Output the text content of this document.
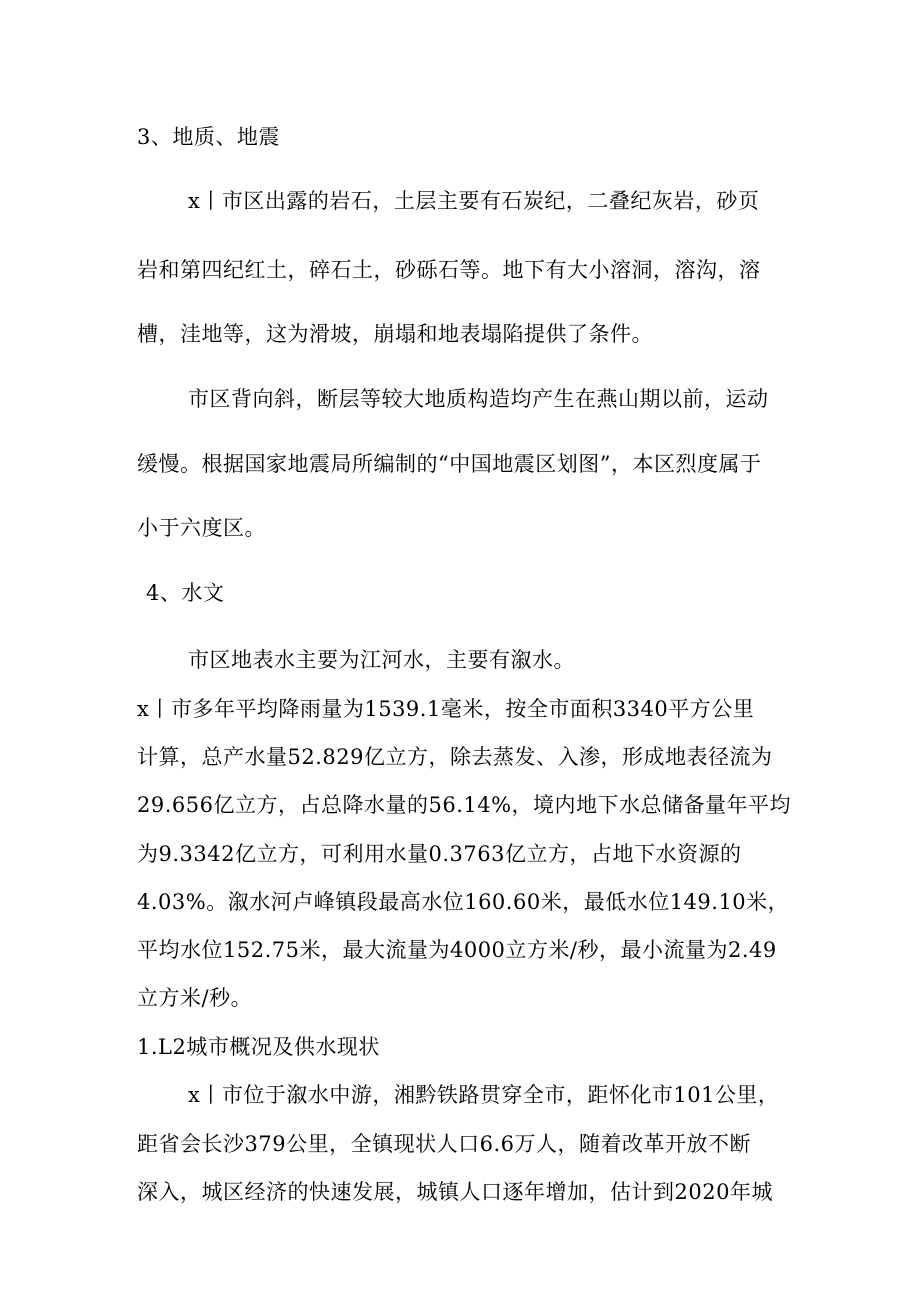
3、地质、地震
x丨市区出露的岩石，土层主要有石炭纪，二叠纪灰岩，砂页
岩和第四纪红土，碎石土，砂砾石等。地下有大小溶洞，溶沟，溶
槽，洼地等，这为滑坡，崩塌和地表塌陷提供了条件。
市区背向斜，断层等较大地质构造均产生在燕山期以前，运动
缓慢。根据国家地震局所编制的“中国地震区划图”，本区烈度属于
小于六度区。
4、水文
市区地表水主要为江河水，主要有溆水。
x丨市多年平均降雨量为1539.1毫米，按全市面积3340平方公里
计算，总产水量52.829亿立方，除去蒸发、入渗，形成地表径流为
29.656亿立方，占总降水量的56.14%，境内地下水总储备量年平均
为9.3342亿立方，可利用水量0.3763亿立方，占地下水资源的
4.03%。溆水河卢峰镇段最高水位160.60米，最低水位149.10米，
平均水位152.75米，最大流量为4000立方米/秒，最小流量为2.49
立方米/秒。
1.L2城市概况及供水现状
x丨市位于溆水中游，湘黔铁路贯穿全市，距怀化市101公里，
距省会长沙379公里，全镇现状人口6.6万人，随着改革开放不断
深入，城区经济的快速发展，城镇人口逐年增加，估计到2020年城
